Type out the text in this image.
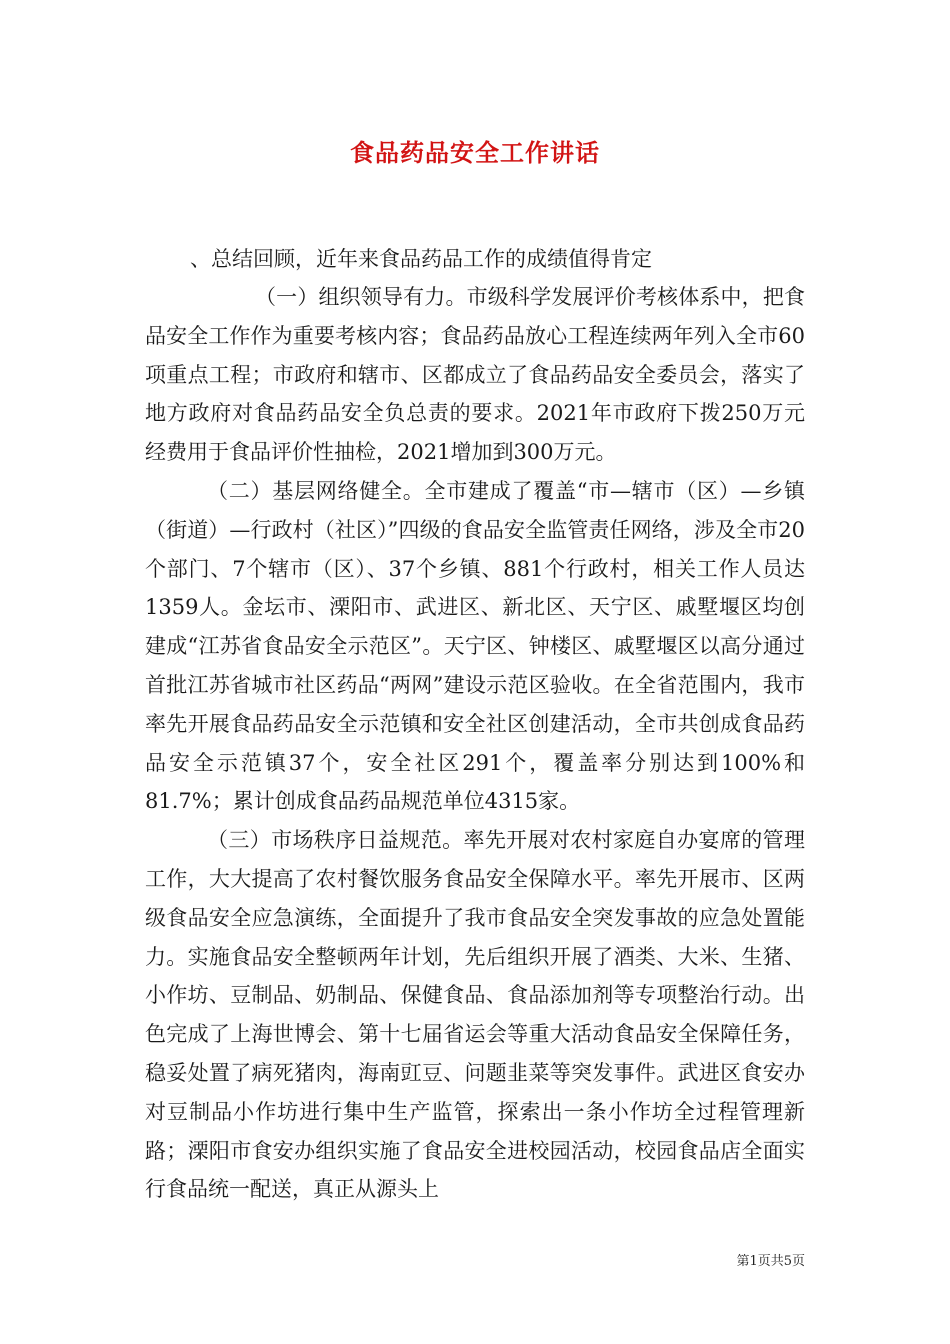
食品药品安全工作讲话

、总结回顾，近年来食品药品工作的成绩值得肯定

（一）组织领导有力。市级科学发展评价考核体系中，把食品安全工作作为重要考核内容；食品药品放心工程连续两年列入全市60项重点工程；市政府和辖市、区都成立了食品药品安全委员会，落实了地方政府对食品药品安全负总责的要求。2021年市政府下拨250万元经费用于食品评价性抽检，2021增加到300万元。

（二）基层网络健全。全市建成了覆盖“市—辖市（区）—乡镇（街道）—行政村（社区）”四级的食品安全监管责任网络，涉及全市20个部门、7个辖市（区）、37个乡镇、881个行政村，相关工作人员达1359人。金坛市、溧阳市、武进区、新北区、天宁区、戚墅堰区均创建成“江苏省食品安全示范区”。天宁区、钟楼区、戚墅堰区以高分通过首批江苏省城市社区药品“两网”建设示范区验收。在全省范围内，我市率先开展食品药品安全示范镇和安全社区创建活动，全市共创成食品药品安全示范镇37个，安全社区291个，覆盖率分别达到100%和81.7%；累计创成食品药品规范单位4315家。

（三）市场秩序日益规范。率先开展对农村家庭自办宴席的管理工作，大大提高了农村餐饮服务食品安全保障水平。率先开展市、区两级食品安全应急演练，全面提升了我市食品安全突发事故的应急处置能力。实施食品安全整顿两年计划，先后组织开展了酒类、大米、生猪、小作坊、豆制品、奶制品、保健食品、食品添加剂等专项整治行动。出色完成了上海世博会、第十七届省运会等重大活动食品安全保障任务，稳妥处置了病死猪肉，海南豇豆、问题韭菜等突发事件。武进区食安办对豆制品小作坊进行集中生产监管，探索出一条小作坊全过程管理新路；溧阳市食安办组织实施了食品安全进校园活动，校园食品店全面实行食品统一配送，真正从源头上

第1页共5页
